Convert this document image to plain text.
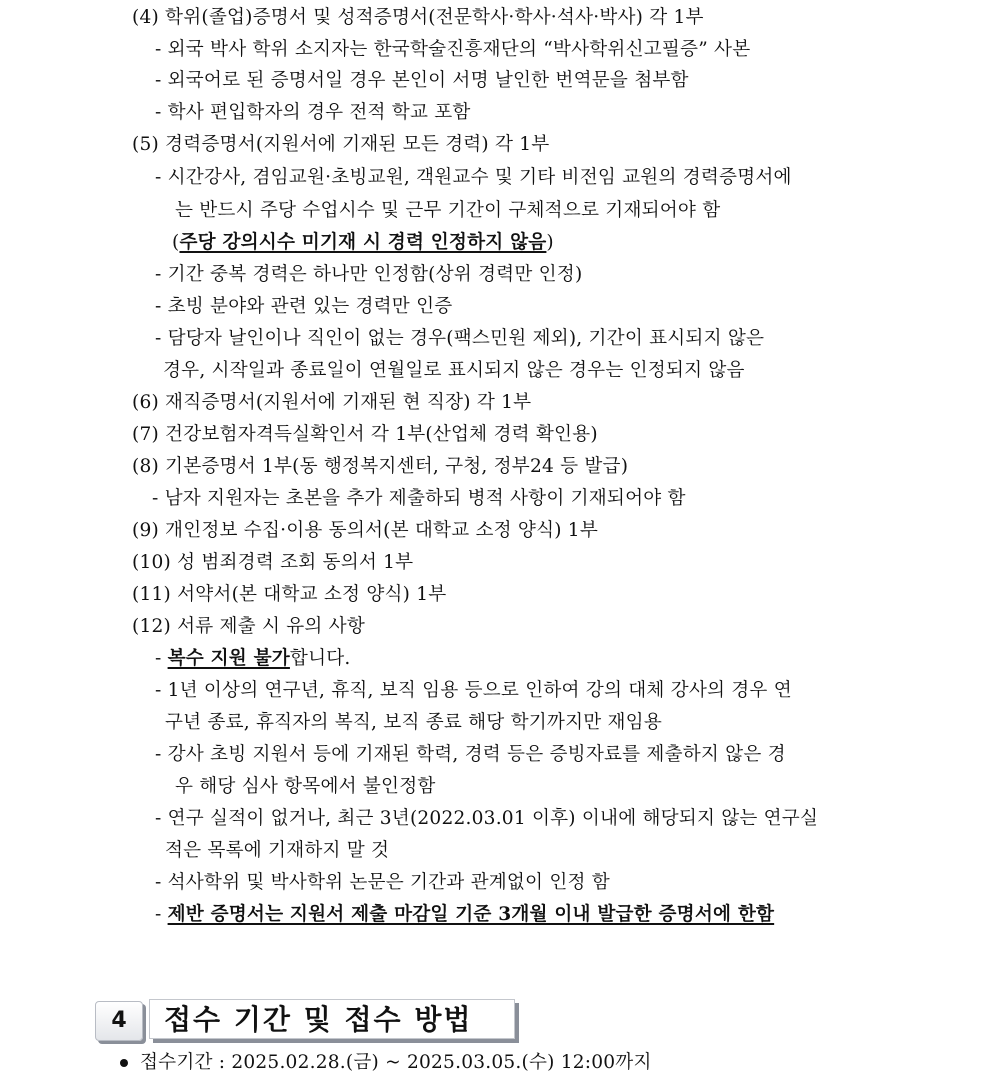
(4) 학위(졸업)증명서 및 성적증명서(전문학사·학사·석사·박사) 각 1부
- 외국 박사 학위 소지자는 한국학술진흥재단의 “박사학위신고필증” 사본
- 외국어로 된 증명서일 경우 본인이 서명 날인한 번역문을 첨부함
- 학사 편입학자의 경우 전적 학교 포함
(5) 경력증명서(지원서에 기재된 모든 경력) 각 1부
- 시간강사, 겸임교원·초빙교원, 객원교수 및 기타 비전임 교원의 경력증명서에
는 반드시 주당 수업시수 및 근무 기간이 구체적으로 기재되어야 함
(주당 강의시수 미기재 시 경력 인정하지 않음)
- 기간 중복 경력은 하나만 인정함(상위 경력만 인정)
- 초빙 분야와 관련 있는 경력만 인증
- 담당자 날인이나 직인이 없는 경우(팩스민원 제외), 기간이 표시되지 않은
경우, 시작일과 종료일이 연월일로 표시되지 않은 경우는 인정되지 않음
(6) 재직증명서(지원서에 기재된 현 직장) 각 1부
(7) 건강보험자격득실확인서 각 1부(산업체 경력 확인용)
(8) 기본증명서 1부(동 행정복지센터, 구청, 정부24 등 발급)
- 남자 지원자는 초본을 추가 제출하되 병적 사항이 기재되어야 함
(9) 개인정보 수집·이용 동의서(본 대학교 소정 양식) 1부
(10) 성 범죄경력 조회 동의서 1부
(11) 서약서(본 대학교 소정 양식) 1부
(12) 서류 제출 시 유의 사항
- 복수 지원 불가합니다.
- 1년 이상의 연구년, 휴직, 보직 임용 등으로 인하여 강의 대체 강사의 경우 연
구년 종료, 휴직자의 복직, 보직 종료 해당 학기까지만 재임용
- 강사 초빙 지원서 등에 기재된 학력, 경력 등은 증빙자료를 제출하지 않은 경
우 해당 심사 항목에서 불인정함
- 연구 실적이 없거나, 최근 3년(2022.03.01 이후) 이내에 해당되지 않는 연구실
적은 목록에 기재하지 말 것
- 석사학위 및 박사학위 논문은 기간과 관계없이 인정 함
- 제반 증명서는 지원서 제출 마감일 기준 3개월 이내 발급한 증명서에 한함
4	접수 기간 및 접수 방법
접수기간 : 2025.02.28.(금) ~ 2025.03.05.(수) 12:00까지
